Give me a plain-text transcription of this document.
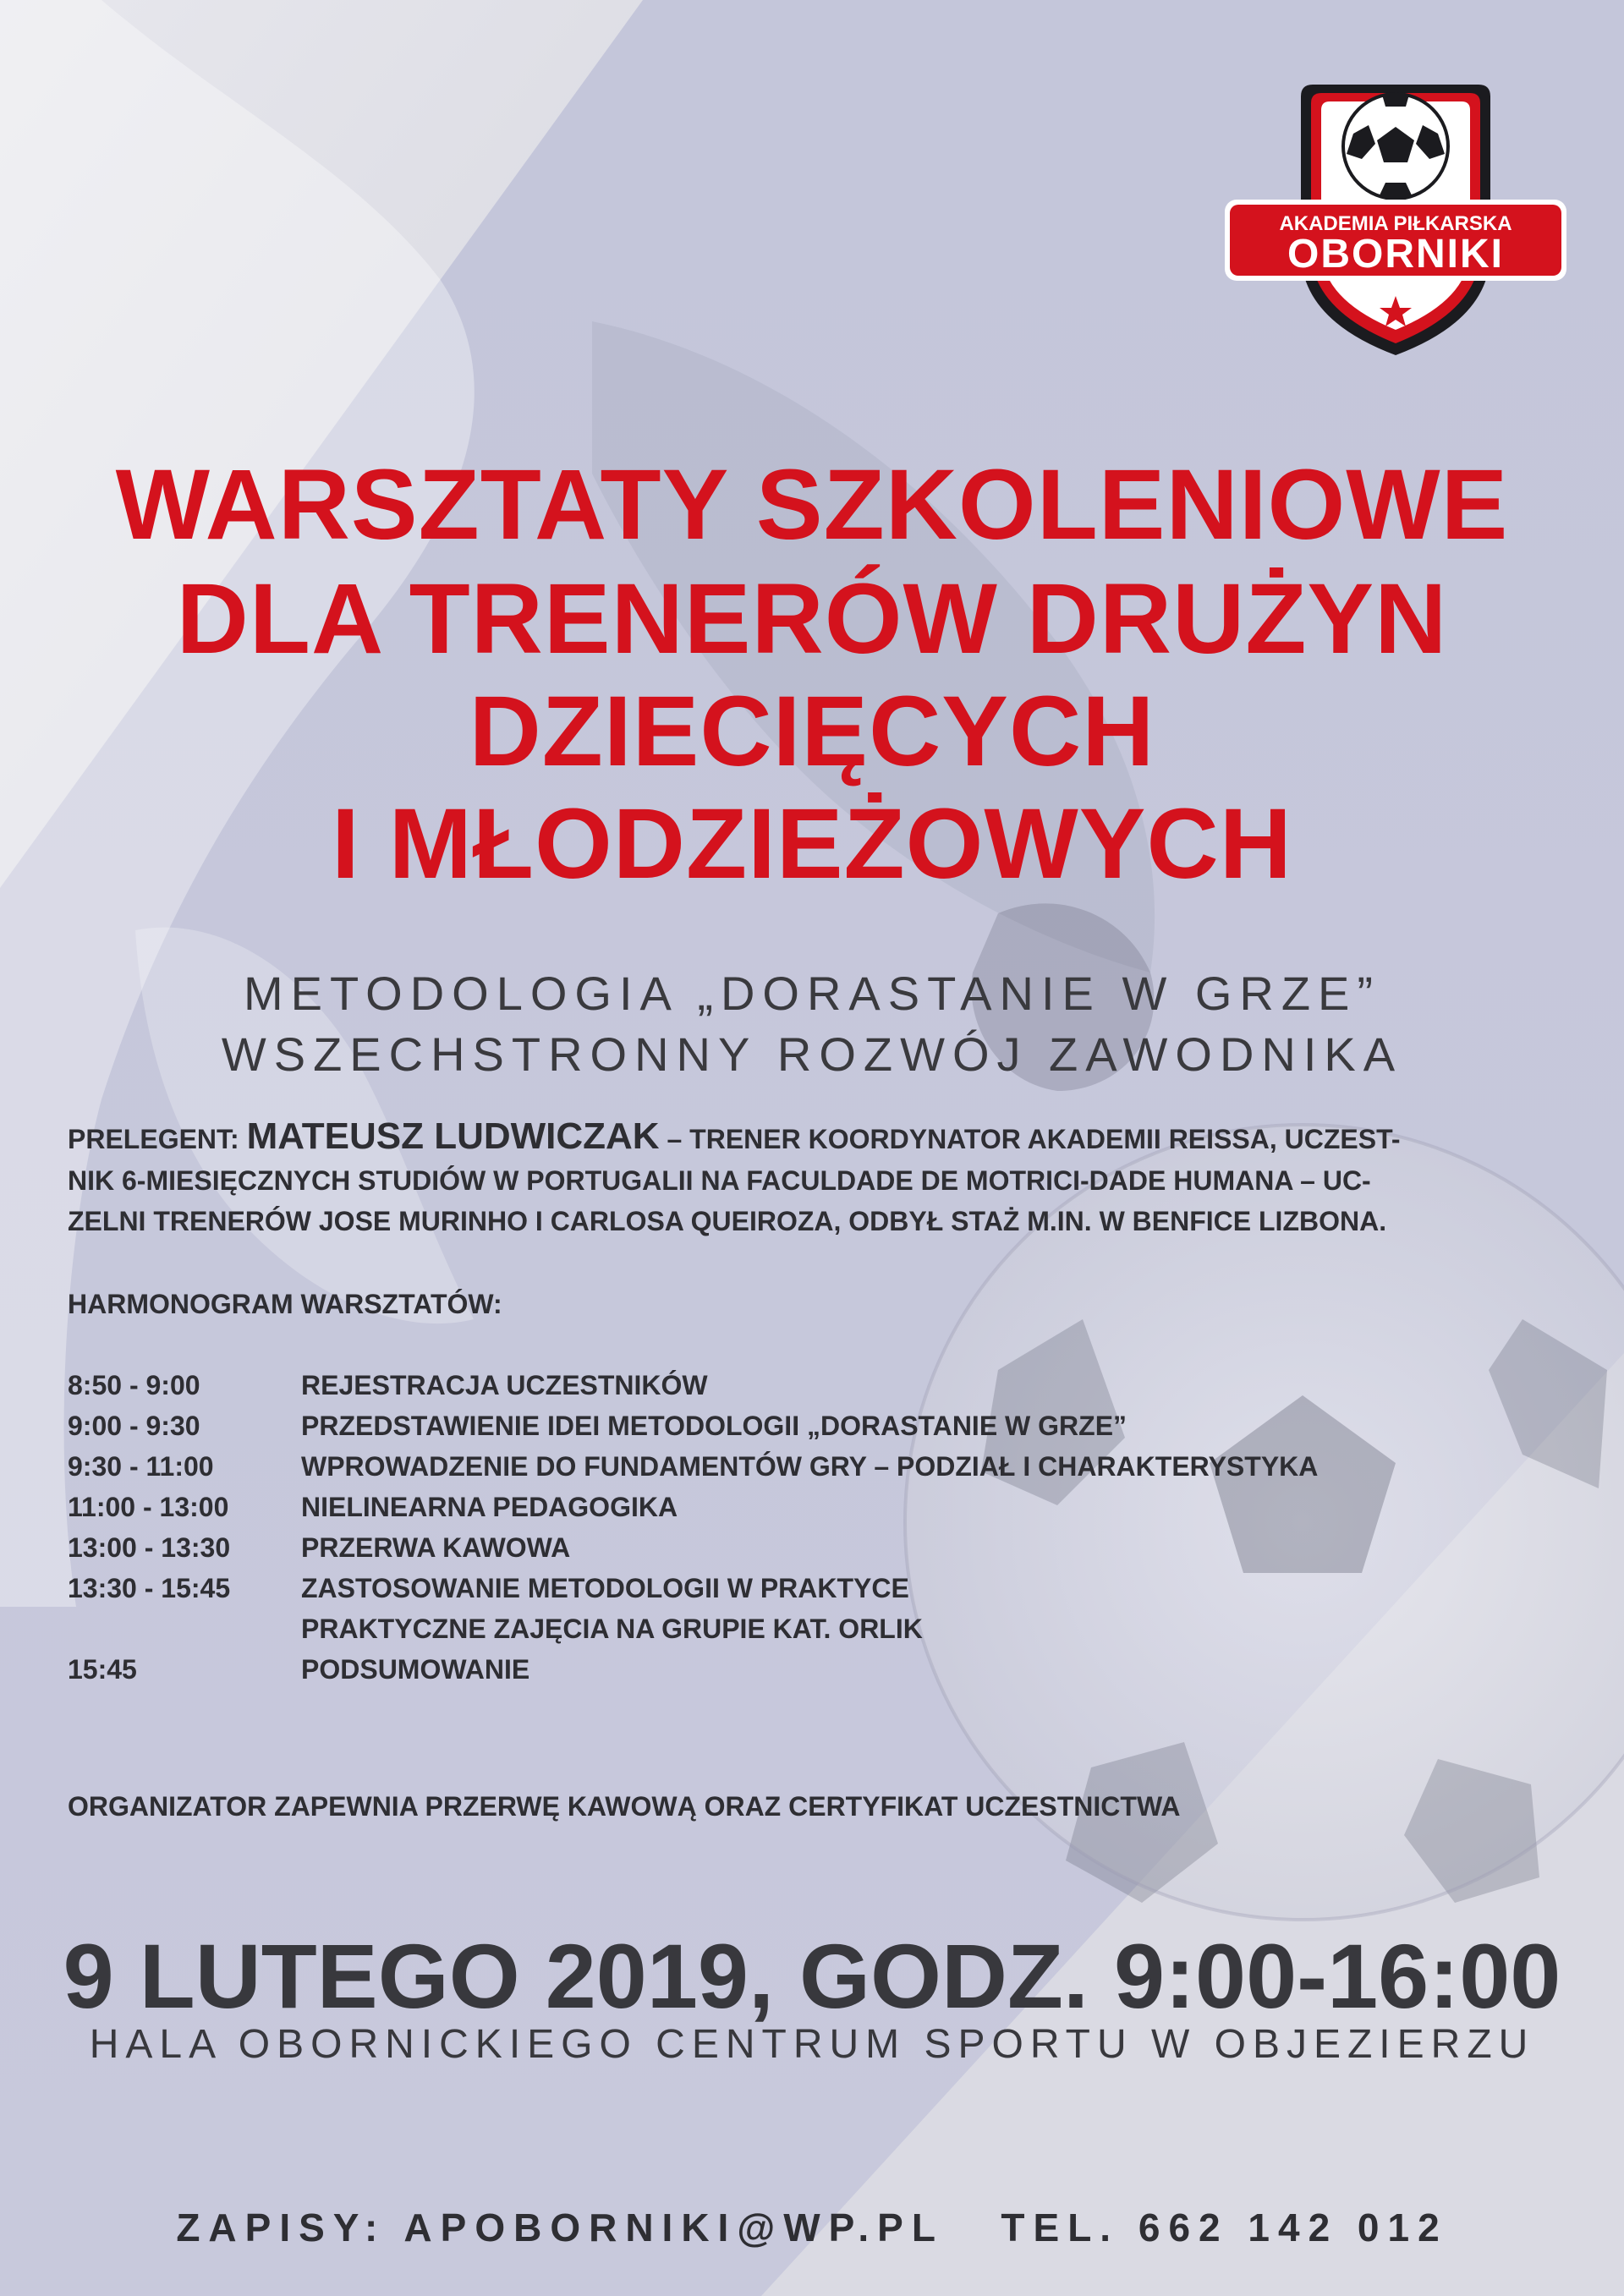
AKADEMIA PIŁKARSKA
OBORNIKI
WARSZTATY SZKOLENIOWE
DLA TRENERÓW DRUŻYN
DZIECIĘCYCH
I MŁODZIEŻOWYCH
METODOLOGIA „DORASTANIE W GRZE”
WSZECHSTRONNY ROZWÓJ ZAWODNIKA
PRELEGENT: MATEUSZ LUDWICZAK – TRENER KOORDYNATOR AKADEMII REISSA, UCZEST-
NIK 6-MIESIĘCZNYCH STUDIÓW W PORTUGALII NA FACULDADE DE MOTRICI-DADE HUMANA – UC-
ZELNI TRENERÓW JOSE MURINHO I CARLOSA QUEIROZA, ODBYŁ STAŻ M.IN. W BENFICE LIZBONA.
HARMONOGRAM WARSZTATÓW:
8:50 - 9:00	REJESTRACJA UCZESTNIKÓW
9:00 - 9:30	PRZEDSTAWIENIE IDEI METODOLOGII „DORASTANIE W GRZE”
9:30 - 11:00	WPROWADZENIE DO FUNDAMENTÓW GRY – PODZIAŁ I CHARAKTERYSTYKA
11:00 - 13:00	NIELINEARNA PEDAGOGIKA
13:00 - 13:30	PRZERWA KAWOWA
13:30 - 15:45	ZASTOSOWANIE METODOLOGII W PRAKTYCE
PRAKTYCZNE ZAJĘCIA NA GRUPIE KAT. ORLIK
15:45	PODSUMOWANIE
ORGANIZATOR ZAPEWNIA PRZERWĘ KAWOWĄ ORAZ CERTYFIKAT UCZESTNICTWA
9 LUTEGO 2019, GODZ. 9:00-16:00
HALA OBORNICKIEGO CENTRUM SPORTU W OBJEZIERZU
ZAPISY: APOBORNIKI@WP.PL   TEL. 662 142 012
